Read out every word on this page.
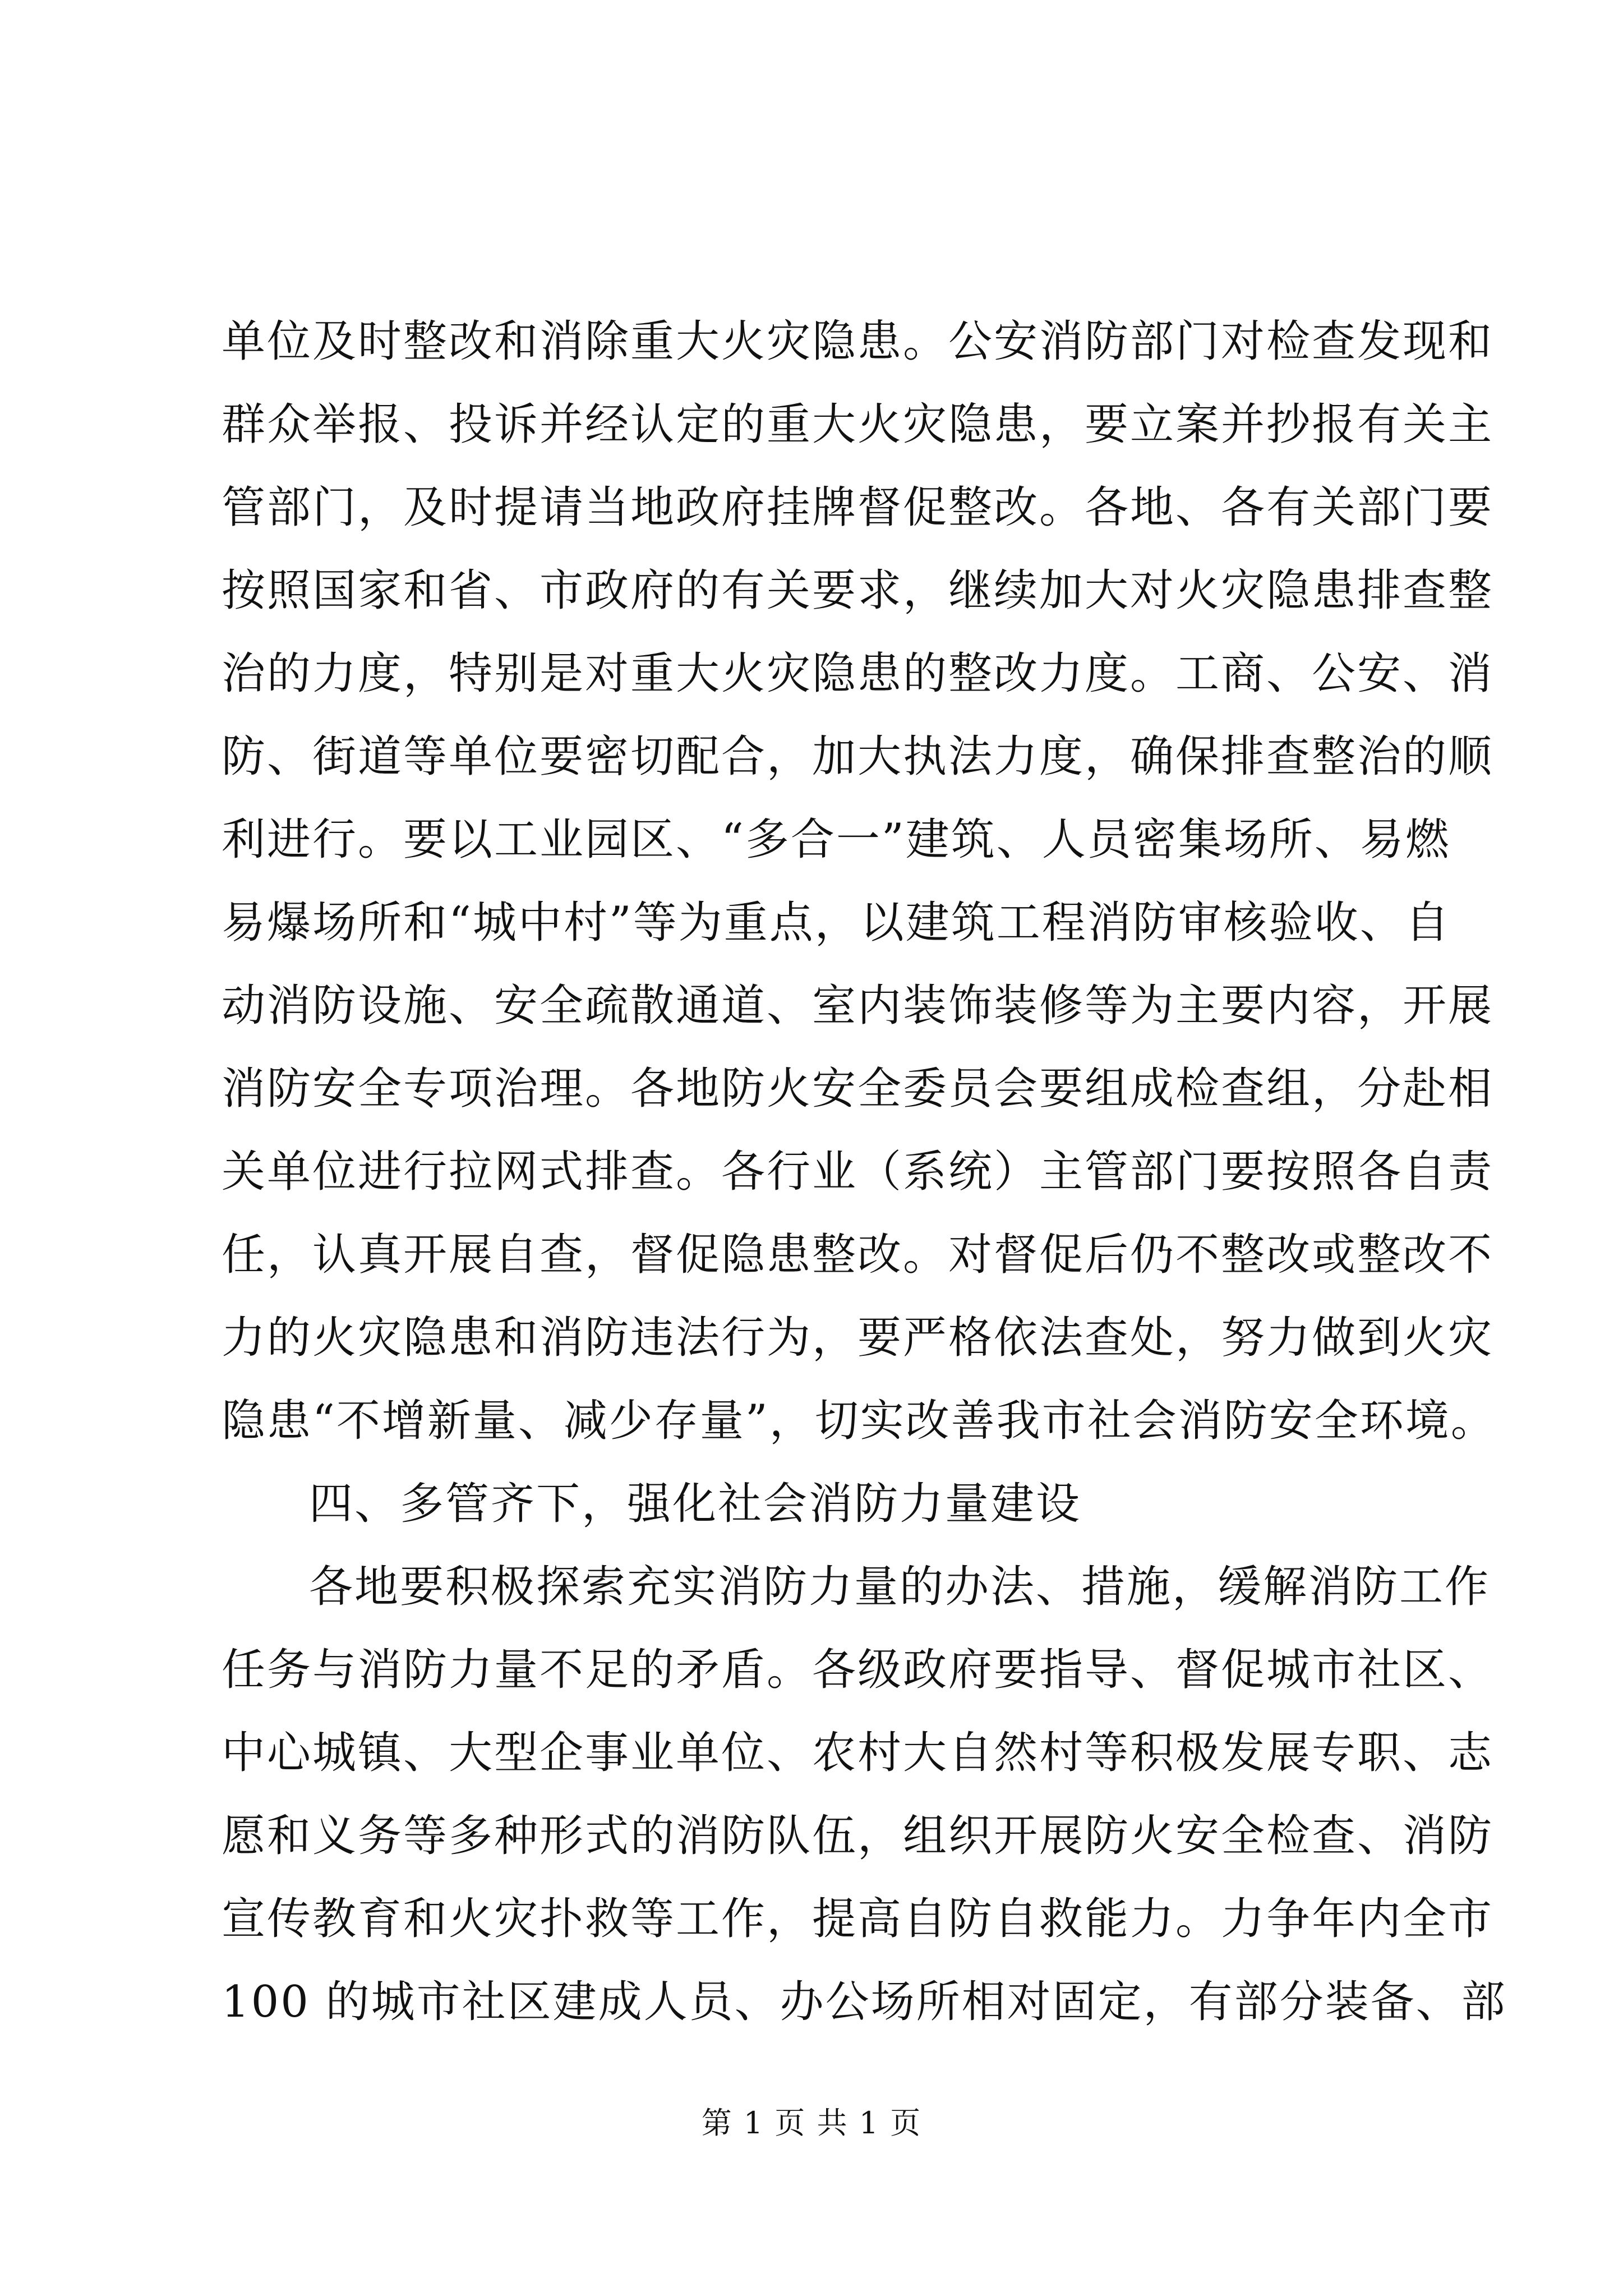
单位及时整改和消除重大火灾隐患。公安消防部门对检查发现和
群众举报、投诉并经认定的重大火灾隐患，要立案并抄报有关主
管部门，及时提请当地政府挂牌督促整改。各地、各有关部门要
按照国家和省、市政府的有关要求，继续加大对火灾隐患排查整
治的力度，特别是对重大火灾隐患的整改力度。工商、公安、消
防、街道等单位要密切配合，加大执法力度，确保排查整治的顺
利进行。要以工业园区、“多合一”建筑、人员密集场所、易燃
易爆场所和“城中村”等为重点，以建筑工程消防审核验收、自
动消防设施、安全疏散通道、室内装饰装修等为主要内容，开展
消防安全专项治理。各地防火安全委员会要组成检查组，分赴相
关单位进行拉网式排查。各行业（系统）主管部门要按照各自责
任，认真开展自查，督促隐患整改。对督促后仍不整改或整改不
力的火灾隐患和消防违法行为，要严格依法查处，努力做到火灾
隐患“不增新量、减少存量”，切实改善我市社会消防安全环境。
四、多管齐下，强化社会消防力量建设
各地要积极探索充实消防力量的办法、措施，缓解消防工作
任务与消防力量不足的矛盾。各级政府要指导、督促城市社区、
中心城镇、大型企事业单位、农村大自然村等积极发展专职、志
愿和义务等多种形式的消防队伍，组织开展防火安全检查、消防
宣传教育和火灾扑救等工作，提高自防自救能力。力争年内全市
100 的城市社区建成人员、办公场所相对固定，有部分装备、部
第 1 页 共 1 页
